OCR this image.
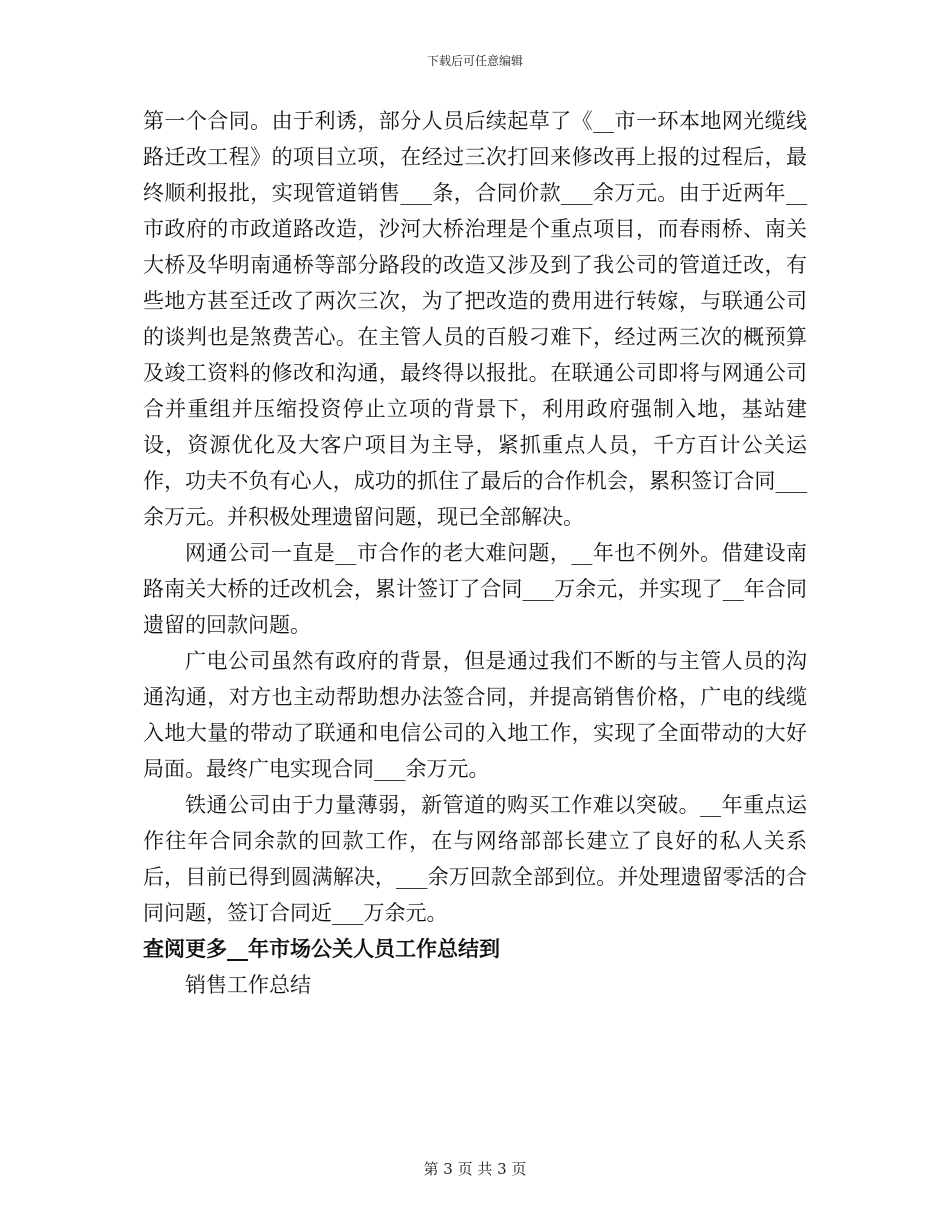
下载后可任意编辑

第一个合同。由于利诱，部分人员后续起草了《__市一环本地网光缆线路迁改工程》的项目立项，在经过三次打回来修改再上报的过程后，最终顺利报批，实现管道销售___条，合同价款___余万元。由于近两年__市政府的市政道路改造，沙河大桥治理是个重点项目，而春雨桥、南关大桥及华明南通桥等部分路段的改造又涉及到了我公司的管道迁改，有些地方甚至迁改了两次三次，为了把改造的费用进行转嫁，与联通公司的谈判也是煞费苦心。在主管人员的百般刁难下，经过两三次的概预算及竣工资料的修改和沟通，最终得以报批。在联通公司即将与网通公司合并重组并压缩投资停止立项的背景下，利用政府强制入地，基站建设，资源优化及大客户项目为主导，紧抓重点人员，千方百计公关运作，功夫不负有心人，成功的抓住了最后的合作机会，累积签订合同___余万元。并积极处理遗留问题，现已全部解决。

网通公司一直是__市合作的老大难问题，__年也不例外。借建设南路南关大桥的迁改机会，累计签订了合同___万余元，并实现了__年合同遗留的回款问题。

广电公司虽然有政府的背景，但是通过我们不断的与主管人员的沟通沟通，对方也主动帮助想办法签合同，并提高销售价格，广电的线缆入地大量的带动了联通和电信公司的入地工作，实现了全面带动的大好局面。最终广电实现合同___余万元。

铁通公司由于力量薄弱，新管道的购买工作难以突破。__年重点运作往年合同余款的回款工作，在与网络部部长建立了良好的私人关系后，目前已得到圆满解决，___余万回款全部到位。并处理遗留零活的合同问题，签订合同近___万余元。

查阅更多__年市场公关人员工作总结到

销售工作总结

第 3 页 共 3 页
